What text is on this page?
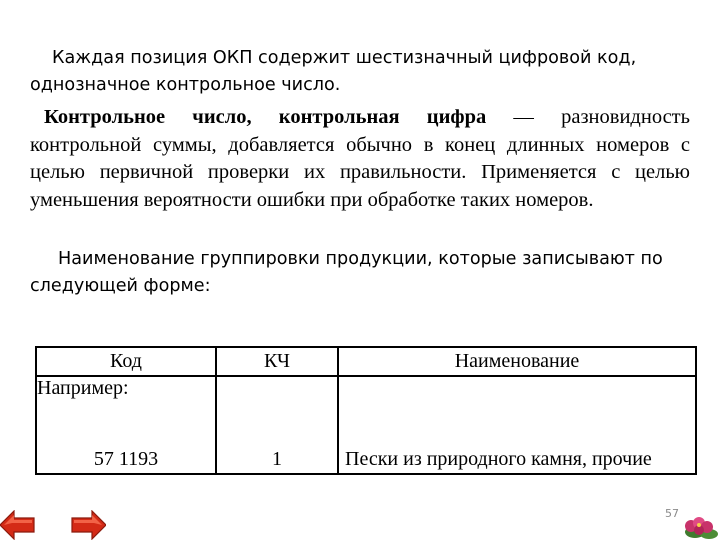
Каждая позиция ОКП содержит шестизначный цифровой код, однозначное контрольное число.

Контрольное число, контрольная цифра — разновидность контрольной суммы, добавляется обычно в конец длинных номеров с целью первичной проверки их правильности. Применяется с целью уменьшения вероятности ошибки при обработке таких номеров.

Наименование группировки продукции, которые записывают по следующей форме:

Код	КЧ	Наименование
Например:		

57 1193	1	Пески из природного камня, прочие
57
